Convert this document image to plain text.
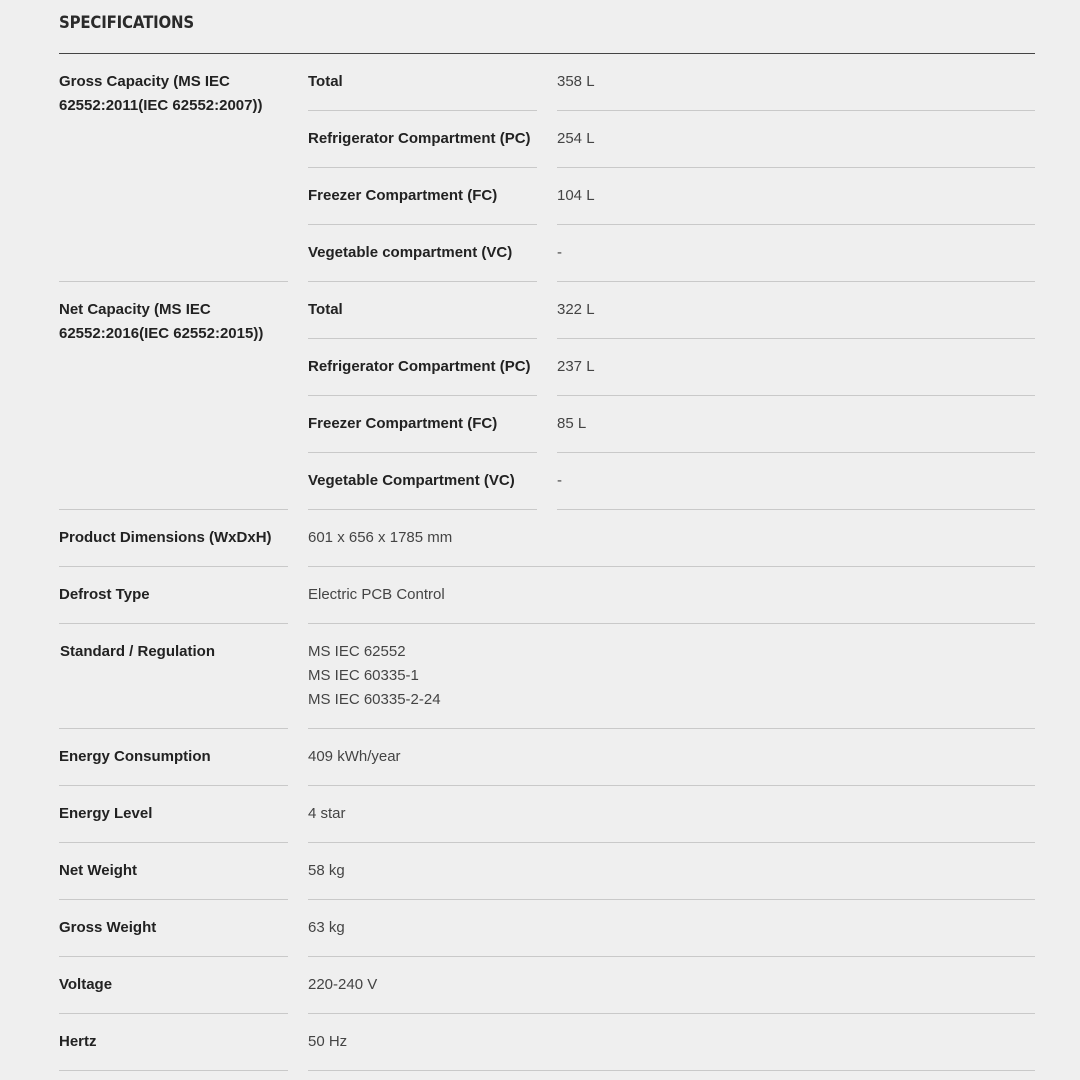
SPECIFICATIONS
Gross Capacity (MS IEC 62552:2011(IEC 62552:2007))
Total	358 L
Refrigerator Compartment (PC)	254 L
Freezer Compartment (FC)	104 L
Vegetable compartment (VC)	-
Net Capacity (MS IEC 62552:2016(IEC 62552:2015))
Total	322 L
Refrigerator Compartment (PC)	237 L
Freezer Compartment (FC)	85 L
Vegetable Compartment (VC)	-
Product Dimensions (WxDxH)	601 x 656 x 1785 mm
Defrost Type	Electric PCB Control
Standard / Regulation	MS IEC 62552
MS IEC 60335-1
MS IEC 60335-2-24
Energy Consumption	409 kWh/year
Energy Level	4 star
Net Weight	58 kg
Gross Weight	63 kg
Voltage	220-240 V
Hertz	50 Hz
